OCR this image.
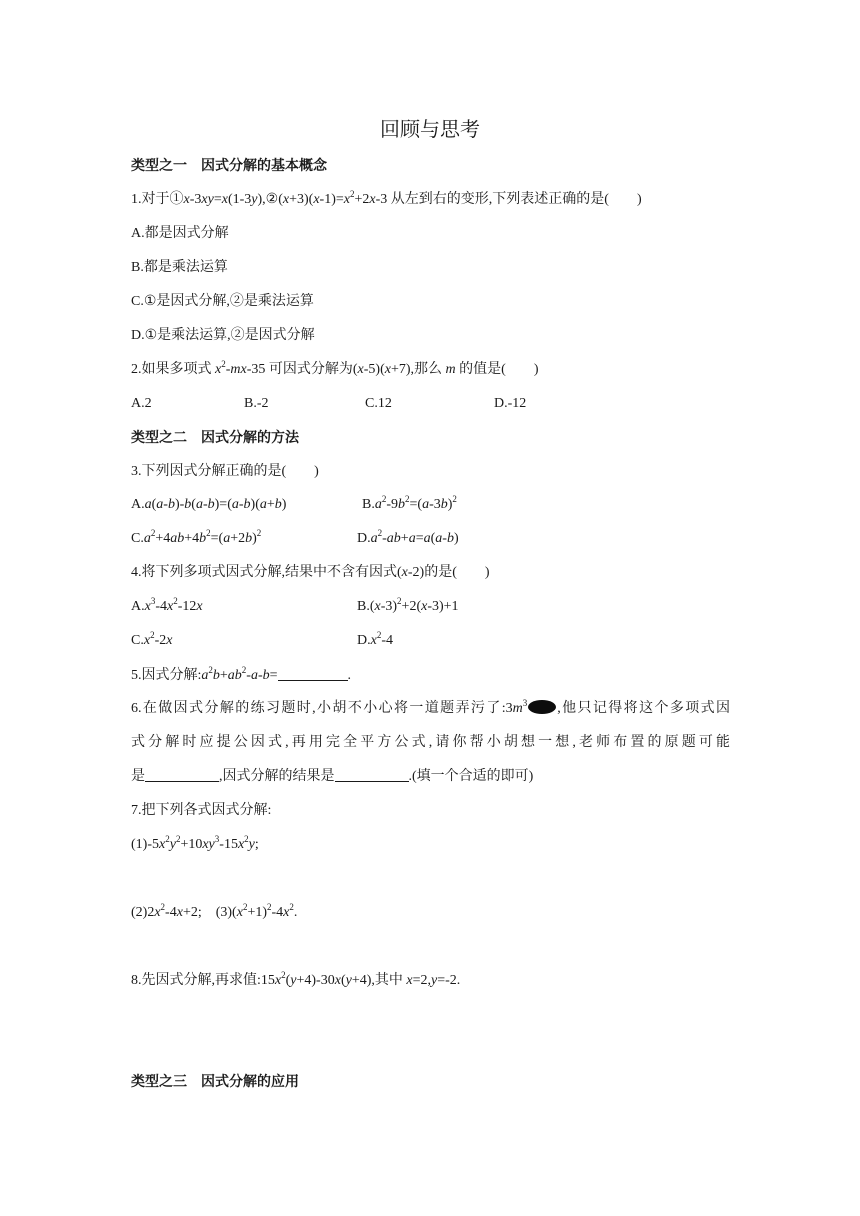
回顾与思考
类型之一　因式分解的基本概念
1.对于$①x-3xy=x(1-3y),②(x+3)(x-1)=x^2+2x-3$ 从左到右的变形,下列表述正确的是( )
A.都是因式分解
B.都是乘法运算
C.①是因式分解,②是乘法运算
D.①是乘法运算,②是因式分解
2.如果多项式 $x^2-mx-35$ 可因式分解为(x-5)(x+7),那么 m 的值是( )
A.2	B.-2	C.12	D.-12
类型之二　因式分解的方法
3.下列因式分解正确的是( )
A.a(a-b)-b(a-b)=(a-b)(a+b)	$B.a^2-9b^2=(a-3b)^2$
$C.a^2+4ab+4b^2=(a+2b)^2$	$D.a^2-ab+a=a(a-b)$
4.将下列多项式因式分解,结果中不含有因式(x-2)的是( )
$A.x^3-4x^2-12x$	$B.(x-3)^2+2(x-3)+1$
$C.x^2-2x$	$D.x^2-4$
5.因式分解$:a^2b+ab^2-a-b=$	.
6.在做因式分解的练习题时,小胡不小心将一道题弄污了$:3m^3$ ,他只记得将这个多项式因
式分解时应提公因式,再用完全平方公式,请你帮小胡想一想,老师布置的原题可能
是	,因式分解的结果是	.(填一个合适的即可)
7.把下列各式因式分解:
$(1)-5x^2y^2+10xy^3-15x^2y$;
$(2)2x^2-4x+2$;　$(3)(x^2+1)^2-4x^2$.
8.先因式分解,再求值$:15x^2(y+4)-30x(y+4)$,其中 x=2,y=-2.
类型之三　因式分解的应用
